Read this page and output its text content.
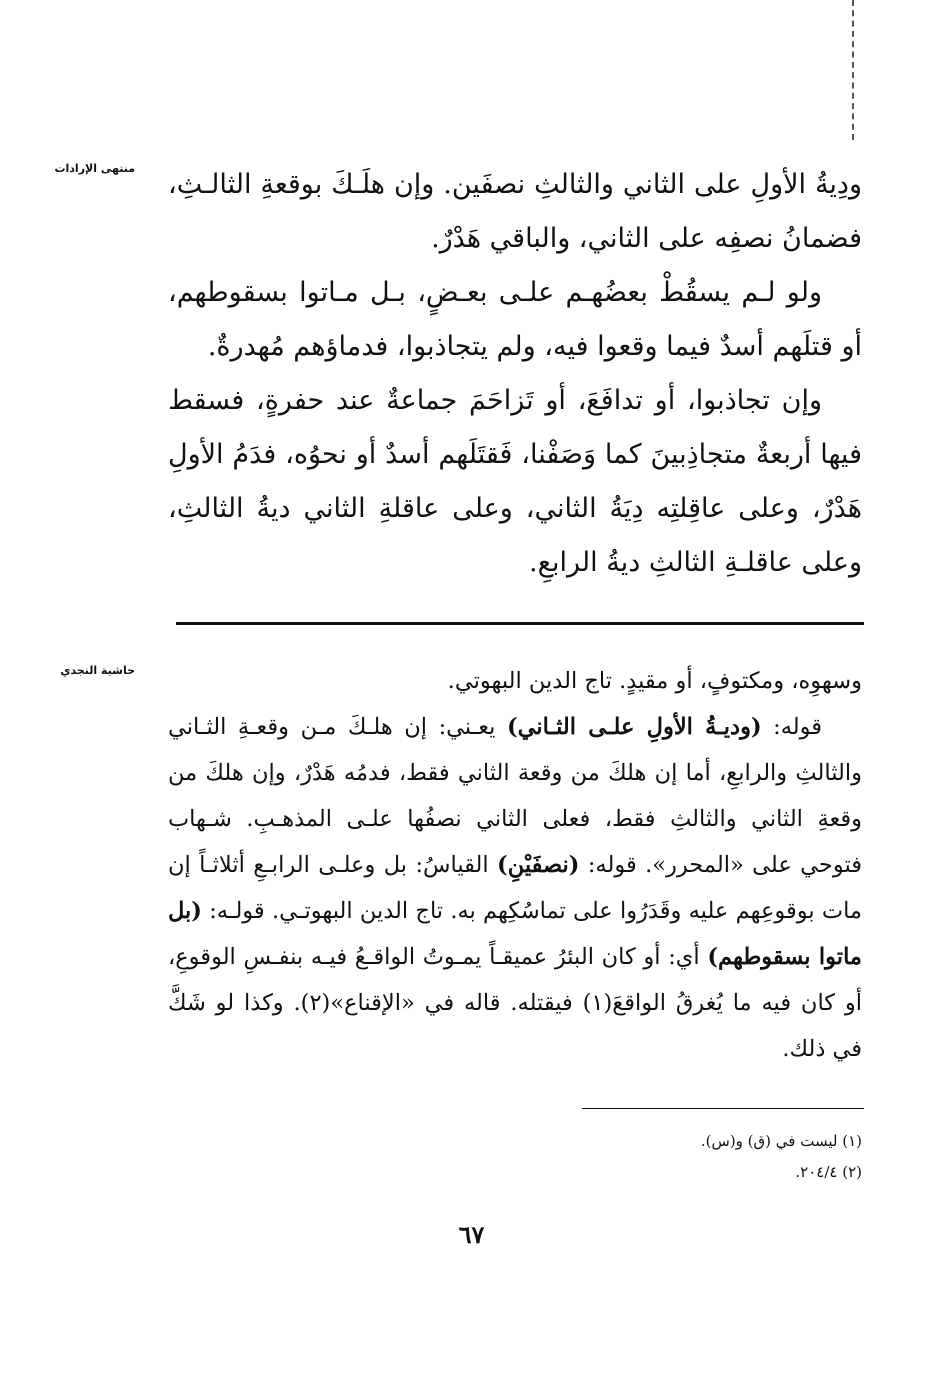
منتهى الإرادات

ودِيةُ الأولِ على الثاني والثالثِ نصفَين. وإن هلَـكَ بوقعةِ الثالـثِ، فضمانُ نصفِه على الثاني، والباقي هَدْرٌ.

ولو لـم يسقُطْ بعضُهـم علـى بعـضٍ، بـل مـاتوا بسقوطهم، أو قتلَهم أسدٌ فيما وقعوا فيه، ولم يتجاذبوا، فدماؤهم مُهدرةٌ.

وإن تجاذبوا، أو تدافَعَ، أو تَزاحَمَ جماعةٌ عند حفرةٍ، فسقط فيها أربعةٌ متجاذِبينَ كما وَصَفْنا، فَقتَلَهم أسدٌ أو نحوُه، فدَمُ الأولِ هَدْرٌ، وعلى عاقِلتِه دِيَةُ الثاني، وعلى عاقلةِ الثاني ديةُ الثالثِ، وعلى عاقلـةِ الثالثِ ديةُ الرابعِ.

حاشية النجدي	وسهوِه، ومكتوفٍ، أو مقيدٍ. تاج الدين البهوتي.

قوله: (وديـةُ الأولِ علـى الثـاني) يعـني: إن هلـكَ مـن وقعـةِ الثـاني والثالثِ والرابعِ، أما إن هلكَ من وقعة الثاني فقط، فدمُه هَدْرٌ، وإن هلكَ من وقعةِ الثاني والثالثِ فقط، فعلى الثاني نصفُها علـى المذهـبِ. شـهاب فتوحي على «المحرر». قوله: (نصفَيْنِ) القياسُ: بل وعلـى الرابـعِ أثلاثـاً إن مات بوقوعِهم عليه وقَدَرُوا على تماسُكِهم به. تاج الدين البهوتـي. قولـه: (بل ماتوا بسقوطهم) أي: أو كان البئرُ عميقـاً يمـوتُ الواقـعُ فيـه بنفـسِ الوقوعِ، أو كان فيه ما يُغرقُ الواقعَ(١) فيقتله. قاله في «الإقناع»(٢). وكذا لو شَكَّ في ذلك.

(١) ليست في (ق) و(س).
(٢) ٢٠٤/٤.
٦٧
